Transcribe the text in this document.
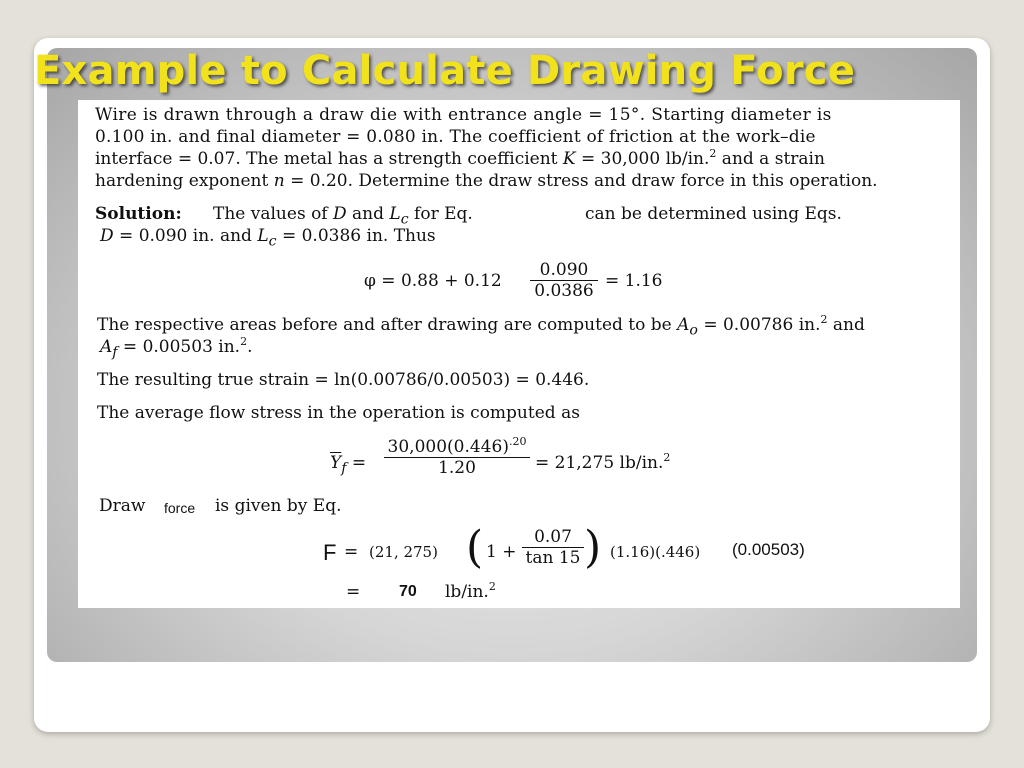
Example to Calculate Drawing Force
Wire is drawn through a draw die with entrance angle = 15°. Starting diameter is
0.100 in. and final diameter = 0.080 in. The coefficient of friction at the work–die
interface = 0.07. The metal has a strength coefficient K = 30,000 lb/in.$^2$ and a strain
hardening exponent n = 0.20. Determine the draw stress and draw force in this operation.
Solution: The values of D and $L_c$ for Eq.	can be determined using Eqs.
D = 0.090 in. and $L_c = 0.0386$ in. Thus
$\varphi = 0.88 + 0.12 \frac{0.090}{0.0386} = 1.16$
The respective areas before and after drawing are computed to be $A_o = 0.00786$ in.$^2$ and
$A_f = 0.00503$ in.$^2$.
The resulting true strain = ln(0.00786/0.00503) = 0.446.
The average flow stress in the operation is computed as
$\overline{Y}_f = \frac{30,000(0.446)^{.20}}{1.20} = 21,275$ lb/in.$^2$
Draw force is given by Eq.
F = (21, 275) ( $1 + \frac{0.07}{\tan 15}$ ) (1.16)(.446) (0.00503)
= 70 lb/in.$^2$
